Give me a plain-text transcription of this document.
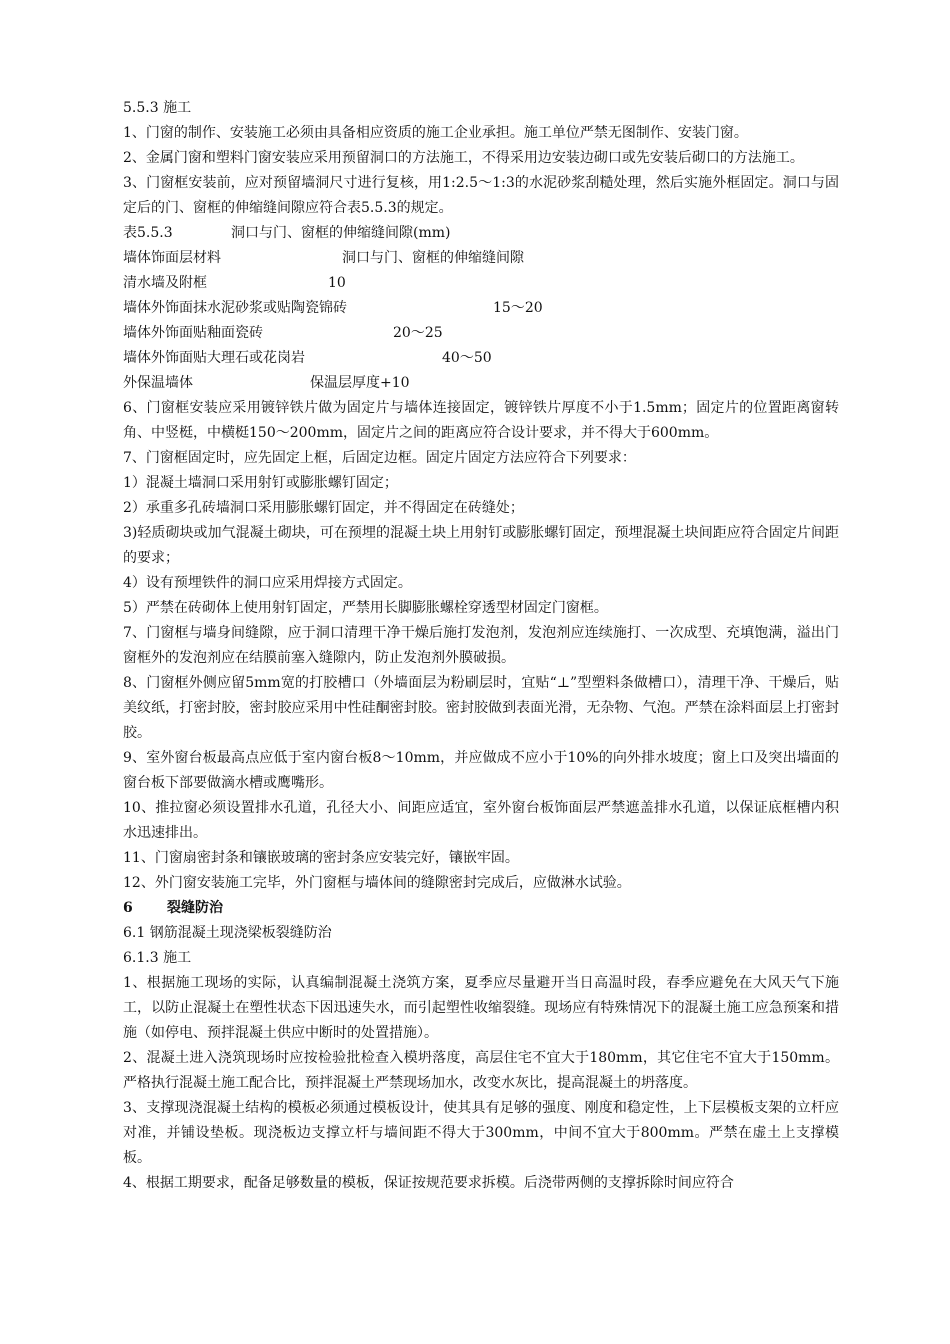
5.5.3 施工

1、门窗的制作、安装施工必须由具备相应资质的施工企业承担。施工单位严禁无图制作、安装门窗。

2、金属门窗和塑料门窗安装应采用预留洞口的方法施工，不得采用边安装边砌口或先安装后砌口的方法施工。

3、门窗框安装前，应对预留墙洞尺寸进行复核，用1:2.5～1:3的水泥砂浆刮糙处理，然后实施外框固定。洞口与固定后的门、窗框的伸缩缝间隙应符合表5.5.3的规定。

表5.5.3	洞口与门、窗框的伸缩缝间隙(mm)
墙体饰面层材料	洞口与门、窗框的伸缩缝间隙
清水墙及附框	10
墙体外饰面抹水泥砂浆或贴陶瓷锦砖	15～20
墙体外饰面贴釉面瓷砖	20～25
墙体外饰面贴大理石或花岗岩	40～50
外保温墙体	保温层厚度+10

6、门窗框安装应采用镀锌铁片做为固定片与墙体连接固定，镀锌铁片厚度不小于1.5mm；固定片的位置距离窗转角、中竖梃，中横梃150～200mm，固定片之间的距离应符合设计要求，并不得大于600mm。

7、门窗框固定时，应先固定上框，后固定边框。固定片固定方法应符合下列要求：

1）混凝土墙洞口采用射钉或膨胀螺钉固定；

2）承重多孔砖墙洞口采用膨胀螺钉固定，并不得固定在砖缝处；

3)轻质砌块或加气混凝土砌块，可在预埋的混凝土块上用射钉或膨胀螺钉固定，预埋混凝土块间距应符合固定片间距的要求；

4）设有预埋铁件的洞口应采用焊接方式固定。

5）严禁在砖砌体上使用射钉固定，严禁用长脚膨胀螺栓穿透型材固定门窗框。

7、门窗框与墙身间缝隙，应于洞口清理干净干燥后施打发泡剂，发泡剂应连续施打、一次成型、充填饱满，溢出门窗框外的发泡剂应在结膜前塞入缝隙内，防止发泡剂外膜破损。

8、门窗框外侧应留5mm宽的打胶槽口（外墙面层为粉刷层时，宜贴“⊥”型塑料条做槽口），清理干净、干燥后，贴美纹纸，打密封胶，密封胶应采用中性硅酮密封胶。密封胶做到表面光滑，无杂物、气泡。严禁在涂料面层上打密封胶。

9、室外窗台板最高点应低于室内窗台板8～10mm，并应做成不应小于10%的向外排水坡度；窗上口及突出墙面的窗台板下部要做滴水槽或鹰嘴形。

10、推拉窗必须设置排水孔道，孔径大小、间距应适宜，室外窗台板饰面层严禁遮盖排水孔道，以保证底框槽内积水迅速排出。

11、门窗扇密封条和镶嵌玻璃的密封条应安装完好，镶嵌牢固。

12、外门窗安装施工完毕，外门窗框与墙体间的缝隙密封完成后，应做淋水试验。

6 裂缝防治

6.1 钢筋混凝土现浇梁板裂缝防治

6.1.3 施工

1、根据施工现场的实际，认真编制混凝土浇筑方案，夏季应尽量避开当日高温时段，春季应避免在大风天气下施工，以防止混凝土在塑性状态下因迅速失水，而引起塑性收缩裂缝。现场应有特殊情况下的混凝土施工应急预案和措施（如停电、预拌混凝土供应中断时的处置措施）。

2、混凝土进入浇筑现场时应按检验批检查入模坍落度，高层住宅不宜大于180mm，其它住宅不宜大于150mm。严格执行混凝土施工配合比，预拌混凝土严禁现场加水，改变水灰比，提高混凝土的坍落度。

3、支撑现浇混凝土结构的模板必须通过模板设计，使其具有足够的强度、刚度和稳定性，上下层模板支架的立杆应对准，并铺设垫板。现浇板边支撑立杆与墙间距不得大于300mm，中间不宜大于800mm。严禁在虚土上支撑模板。

4、根据工期要求，配备足够数量的模板，保证按规范要求拆模。后浇带两侧的支撑拆除时间应符合
